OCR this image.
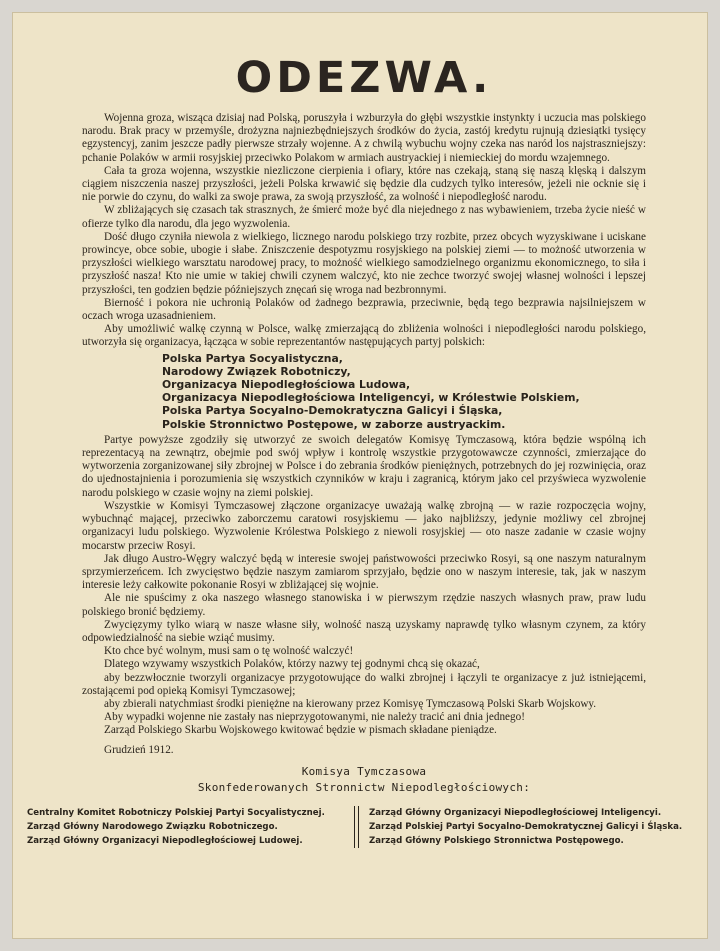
ODEZWA.

Wojenna groza, wisząca dzisiaj nad Polską, poruszyła i wzburzyła do głębi wszystkie instynkty i uczucia mas polskiego narodu. Brak pracy w przemyśle, drożyzna najniezbędniejszych środków do życia, zastój kredytu rujnują dziesiątki tysięcy egzystencyj, zanim jeszcze padły pierwsze strzały wojenne. A z chwilą wybuchu wojny czeka nas naród los najstraszniejszy: pchanie Polaków w armii rosyjskiej przeciwko Polakom w armiach austryackiej i niemieckiej do mordu wzajemnego.

Cała ta groza wojenna, wszystkie niezliczone cierpienia i ofiary, które nas czekają, staną się naszą klęską i dalszym ciągiem niszczenia naszej przyszłości, jeżeli Polska krwawić się będzie dla cudzych tylko interesów, jeżeli nie ocknie się i nie porwie do czynu, do walki za swoje prawa, za swoją przyszłość, za wolność i niepodległość narodu.

W zbliżających się czasach tak strasznych, że śmierć może być dla niejednego z nas wybawieniem, trzeba życie nieść w ofierze tylko dla narodu, dla jego wyzwolenia.

Dość długo czyniła niewola z wielkiego, licznego narodu polskiego trzy rozbite, przez obcych wyzyskiwane i uciskane prowincye, obce sobie, ubogie i słabe. Zniszczenie despotyzmu rosyjskiego na polskiej ziemi — to możność utworzenia w przyszłości wielkiego warsztatu narodowej pracy, to możność wielkiego samodzielnego organizmu ekonomicznego, to siła i przyszłość nasza! Kto nie umie w takiej chwili czynem walczyć, kto nie zechce tworzyć swojej własnej wolności i lepszej przyszłości, ten godzien będzie późniejszych znęcań się wroga nad bezbronnymi.

Bierność i pokora nie uchronią Polaków od żadnego bezprawia, przeciwnie, będą tego bezprawia najsilniejszem w oczach wroga uzasadnieniem.

Aby umożliwić walkę czynną w Polsce, walkę zmierzającą do zbliżenia wolności i niepodległości narodu polskiego, utworzyła się organizacya, łącząca w sobie reprezentantów następujących partyj polskich:

Polska Partya Socyalistyczna,
Narodowy Związek Robotniczy,
Organizacya Niepodległościowa Ludowa,
Organizacya Niepodległościowa Inteligencyi, w Królestwie Polskiem,
Polska Partya Socyalno-Demokratyczna Galicyi i Śląska,
Polskie Stronnictwo Postępowe, w zaborze austryackim.

Partye powyższe zgodziły się utworzyć ze swoich delegatów Komisyę Tymczasową, która będzie wspólną ich reprezentacyą na zewnątrz, obejmie pod swój wpływ i kontrolę wszystkie przygotowawcze czynności, zmierzające do wytworzenia zorganizowanej siły zbrojnej w Polsce i do zebrania środków pieniężnych, potrzebnych do jej rozwinięcia, oraz do ujednostajnienia i porozumienia się wszystkich czynników w kraju i zagranicą, którym jako cel przyświeca wyzwolenie narodu polskiego w czasie wojny na ziemi polskiej.

Wszystkie w Komisyi Tymczasowej złączone organizacye uważają walkę zbrojną — w razie rozpoczęcia wojny, wybuchnąć mającej, przeciwko zaborczemu caratowi rosyjskiemu — jako najbliższy, jedynie możliwy cel zbrojnej organizacyi ludu polskiego. Wyzwolenie Królestwa Polskiego z niewoli rosyjskiej — oto nasze zadanie w czasie wojny mocarstw przeciw Rosyi.

Jak długo Austro-Węgry walczyć będą w interesie swojej państwowości przeciwko Rosyi, są one naszym naturalnym sprzymierzeńcem. Ich zwycięstwo będzie naszym zamiarom sprzyjało, będzie ono w naszym interesie, tak, jak w naszym interesie leży całkowite pokonanie Rosyi w zbliżającej się wojnie.

Ale nie spuścimy z oka naszego własnego stanowiska i w pierwszym rzędzie naszych własnych praw, praw ludu polskiego bronić będziemy.

Zwycięzymy tylko wiarą w nasze własne siły, wolność naszą uzyskamy naprawdę tylko własnym czynem, za który odpowiedzialność na siebie wziąć musimy.

Kto chce być wolnym, musi sam o tę wolność walczyć!

Dlatego wzywamy wszystkich Polaków, którzy nazwy tej godnymi chcą się okazać,

aby bezzwłocznie tworzyli organizacye przygotowujące do walki zbrojnej i łączyli te organizacye z już istniejącemi, zostającemi pod opieką Komisyi Tymczasowej;

aby zbierali natychmiast środki pieniężne na kierowany przez Komisyę Tymczasową Polski Skarb Wojskowy.

Aby wypadki wojenne nie zastały nas nieprzygotowanymi, nie należy tracić ani dnia jednego!

Zarząd Polskiego Skarbu Wojskowego kwitować będzie w pismach składane pieniądze.

Grudzień 1912.
Komisya Tymczasowa
Skonfederowanych Stronnictw Niepodległościowych:
Centralny Komitet Robotniczy Polskiej Partyi Socyalistycznej.
Zarząd Główny Narodowego Związku Robotniczego.
Zarząd Główny Organizacyi Niepodległościowej Ludowej.
Zarząd Główny Organizacyi Niepodległościowej Inteligencyi.
Zarząd Polskiej Partyi Socyalno-Demokratycznej Galicyi i Śląska.
Zarząd Główny Polskiego Stronnictwa Postępowego.
